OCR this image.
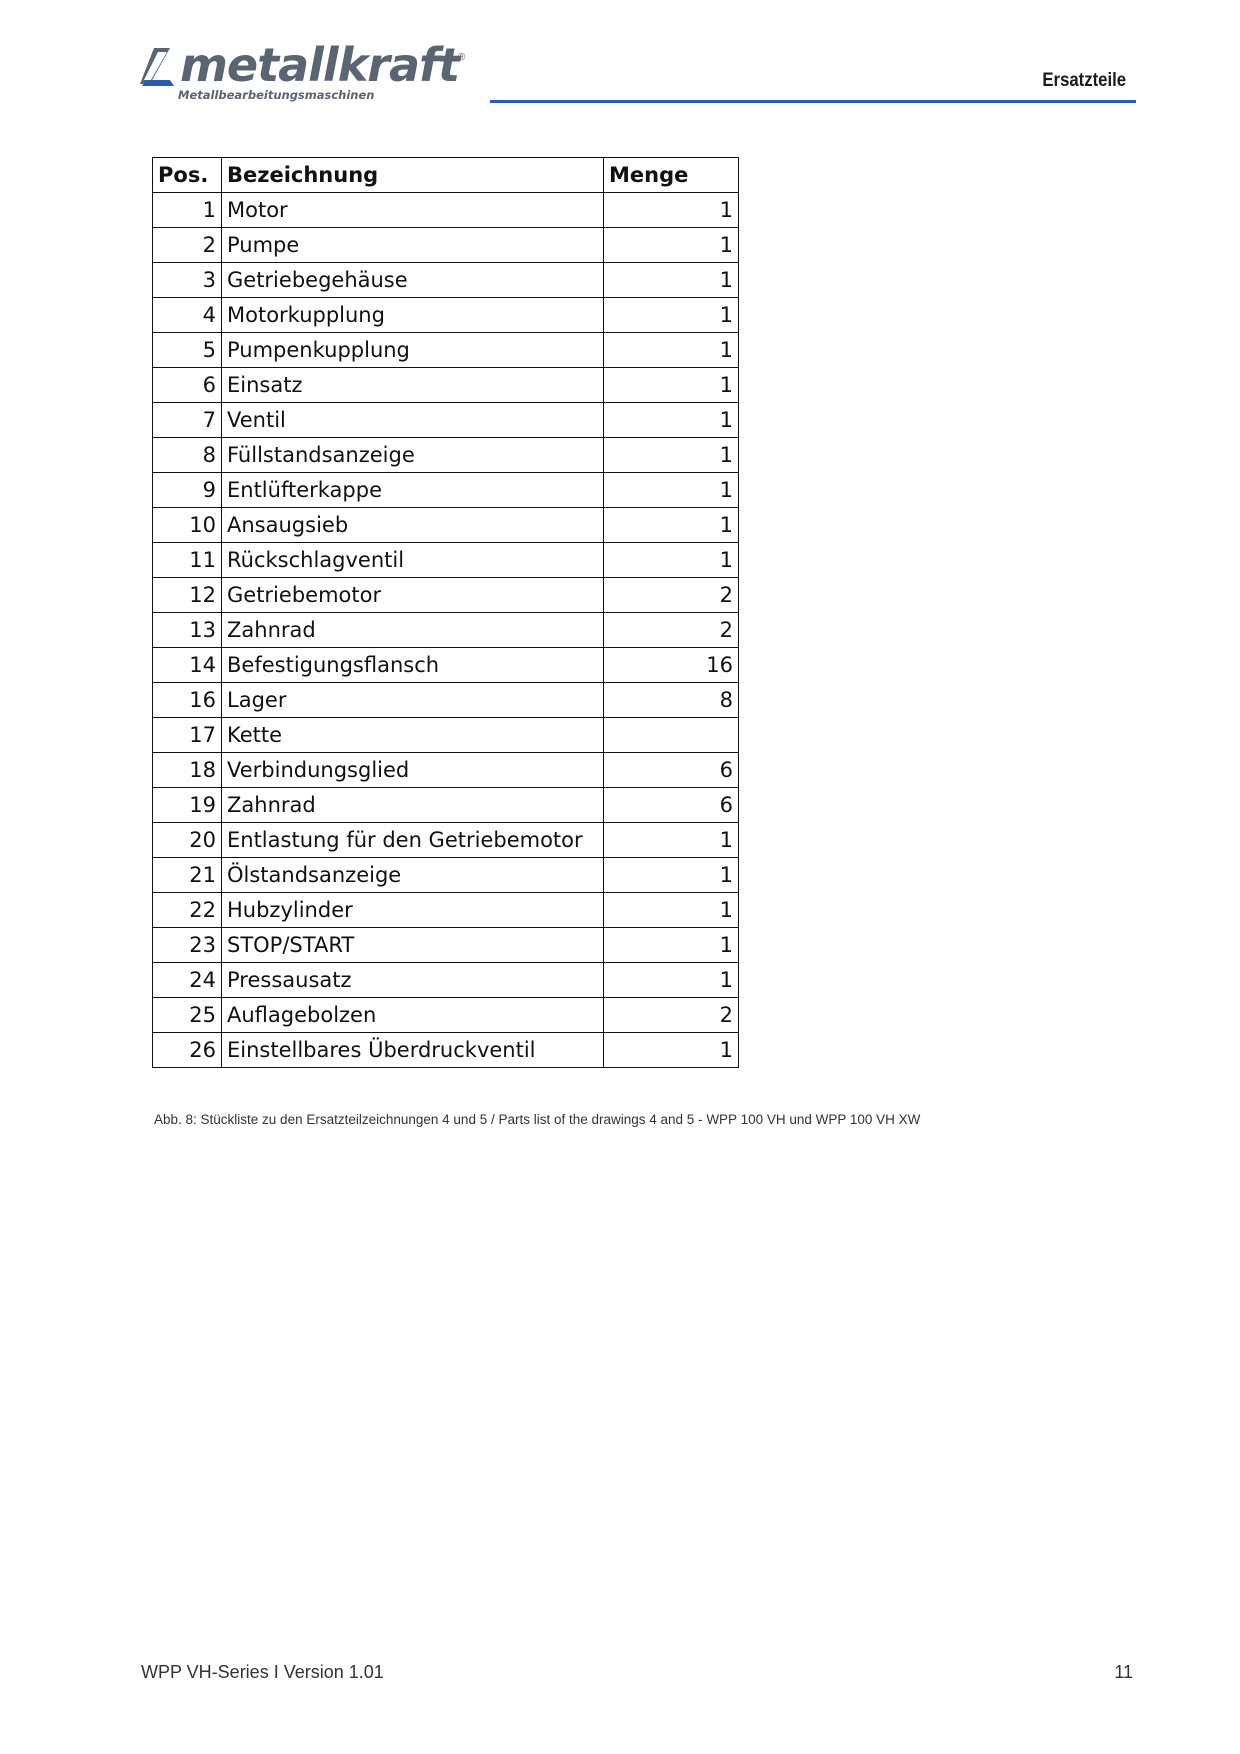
metallkraft
®
Metallbearbeitungsmaschinen
Ersatzteile
Pos.	Bezeichnung	Menge
1	Motor	1
2	Pumpe	1
3	Getriebegehäuse	1
4	Motorkupplung	1
5	Pumpenkupplung	1
6	Einsatz	1
7	Ventil	1
8	Füllstandsanzeige	1
9	Entlüfterkappe	1
10	Ansaugsieb	1
11	Rückschlagventil	1
12	Getriebemotor	2
13	Zahnrad	2
14	Befestigungsflansch	16
16	Lager	8
17	Kette	
18	Verbindungsglied	6
19	Zahnrad	6
20	Entlastung für den Getriebemotor	1
21	Ölstandsanzeige	1
22	Hubzylinder	1
23	STOP/START	1
24	Pressausatz	1
25	Auflagebolzen	2
26	Einstellbares Überdruckventil	1
Abb. 8: Stückliste zu den Ersatzteilzeichnungen 4 und 5 / Parts list of the drawings 4 and 5 - WPP 100 VH und WPP 100 VH XW
WPP VH-Series I Version 1.01	11
